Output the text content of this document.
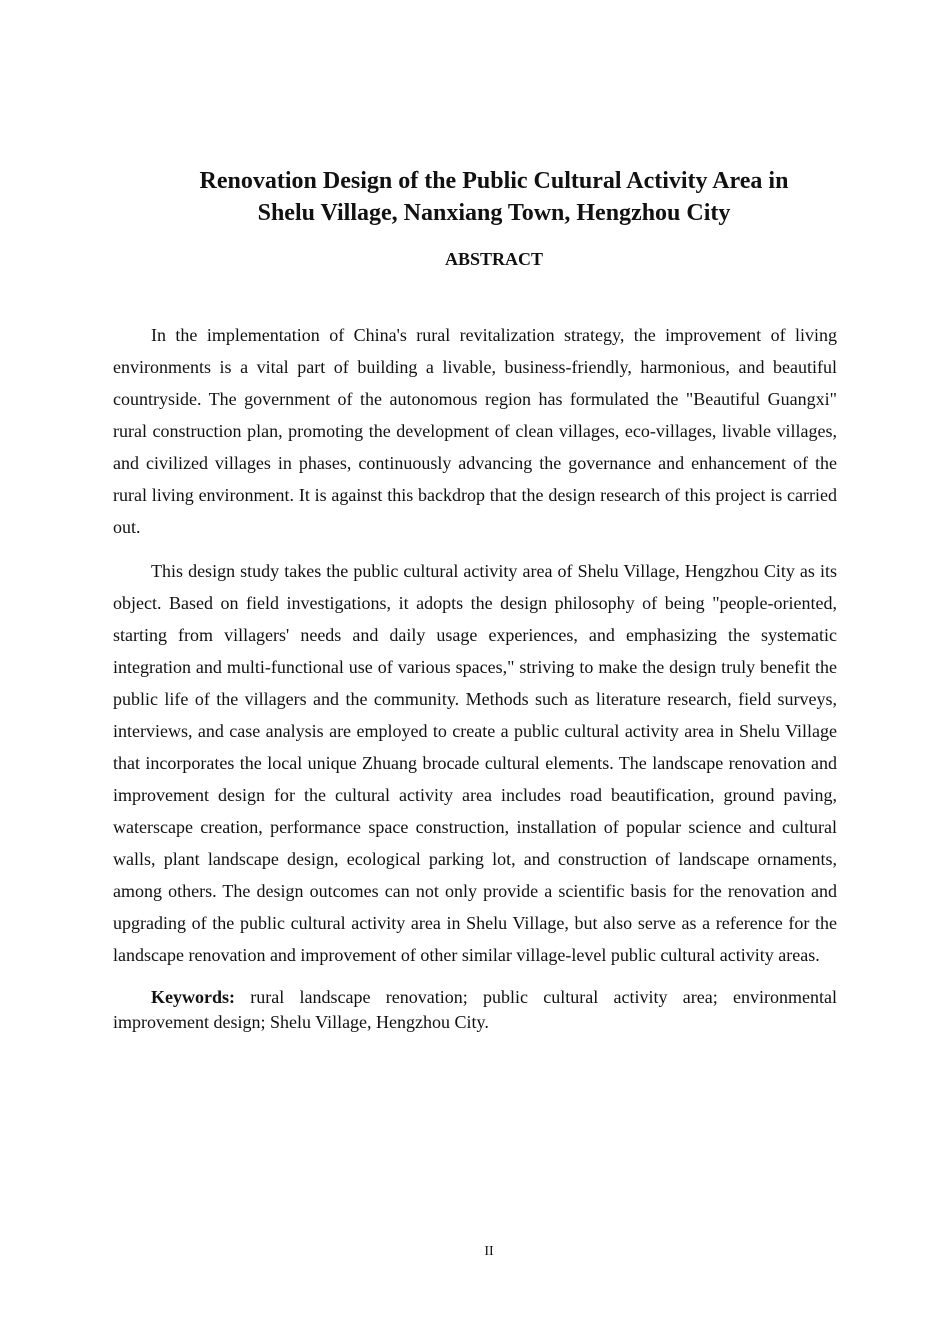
Renovation Design of the Public Cultural Activity Area in
Shelu Village, Nanxiang Town, Hengzhou City
ABSTRACT

In the implementation of China's rural revitalization strategy, the improvement of living environments is a vital part of building a livable, business-friendly, harmonious, and beautiful countryside. The government of the autonomous region has formulated the "Beautiful Guangxi" rural construction plan, promoting the development of clean villages, eco-villages, livable villages, and civilized villages in phases, continuously advancing the governance and enhancement of the rural living environment. It is against this backdrop that the design research of this project is carried out.

This design study takes the public cultural activity area of Shelu Village, Hengzhou City as its object. Based on field investigations, it adopts the design philosophy of being "people-oriented, starting from villagers' needs and daily usage experiences, and emphasizing the systematic integration and multi-functional use of various spaces," striving to make the design truly benefit the public life of the villagers and the community. Methods such as literature research, field surveys, interviews, and case analysis are employed to create a public cultural activity area in Shelu Village that incorporates the local unique Zhuang brocade cultural elements. The landscape renovation and improvement design for the cultural activity area includes road beautification, ground paving, waterscape creation, performance space construction, installation of popular science and cultural walls, plant landscape design, ecological parking lot, and construction of landscape ornaments, among others. The design outcomes can not only provide a scientific basis for the renovation and upgrading of the public cultural activity area in Shelu Village, but also serve as a reference for the landscape renovation and improvement of other similar village-level public cultural activity areas.

Keywords: rural landscape renovation; public cultural activity area; environmental improvement design; Shelu Village, Hengzhou City.

II
